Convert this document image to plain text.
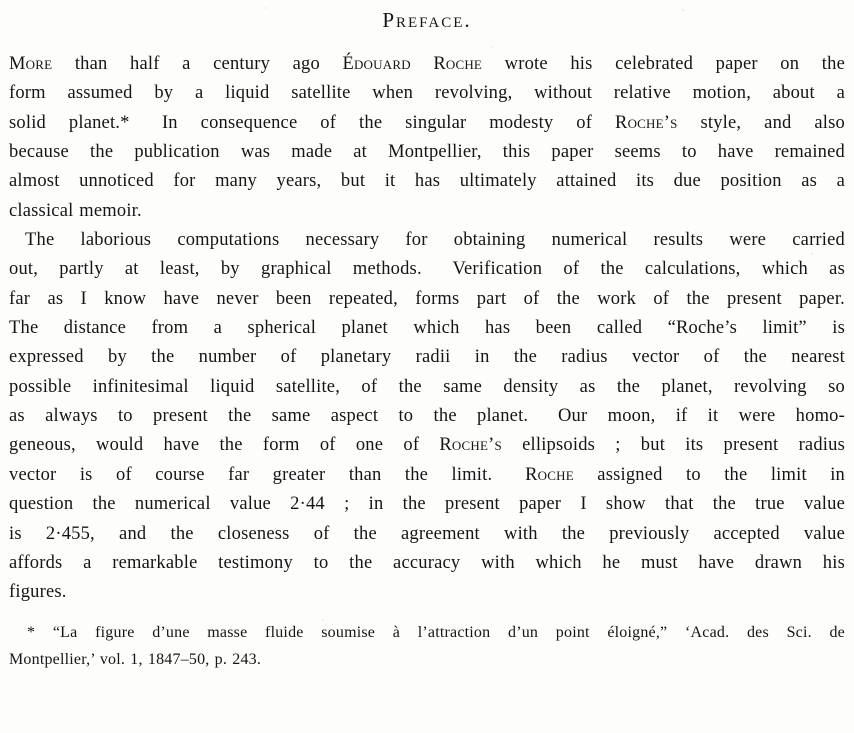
Preface.
More than half a century ago Édouard Roche wrote his celebrated paper on the
form assumed by a liquid satellite when revolving, without relative motion, about a
solid planet.*  In consequence of the singular modesty of Roche’s style, and also
because the publication was made at Montpellier, this paper seems to have remained
almost unnoticed for many years, but it has ultimately attained its due position as a
classical memoir.
The laborious computations necessary for obtaining numerical results were carried
out, partly at least, by graphical methods.  Verification of the calculations, which as
far as I know have never been repeated, forms part of the work of the present paper.
The distance from a spherical planet which has been called “Roche’s limit” is
expressed by the number of planetary radii in the radius vector of the nearest
possible infinitesimal liquid satellite, of the same density as the planet, revolving so
as always to present the same aspect to the planet.  Our moon, if it were homo-
geneous, would have the form of one of Roche’s ellipsoids ; but its present radius
vector is of course far greater than the limit.  Roche assigned to the limit in
question the numerical value 2·44 ; in the present paper I show that the true value
is 2·455, and the closeness of the agreement with the previously accepted value
affords a remarkable testimony to the accuracy with which he must have drawn his
figures.
* “La figure d’une masse fluide soumise à l’attraction d’un point éloigné,” ‘Acad. des Sci. de
Montpellier,’ vol. 1, 1847–50, p. 243.
